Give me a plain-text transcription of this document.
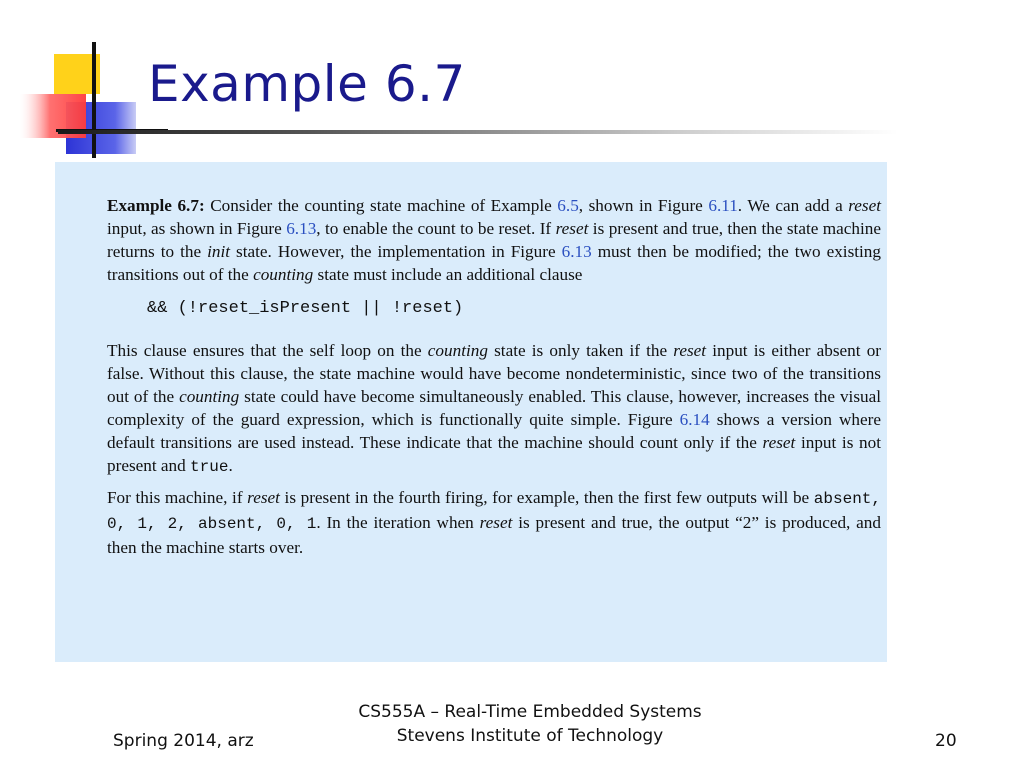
Example 6.7

Example 6.7: Consider the counting state machine of Example 6.5, shown in Figure 6.11. We can add a reset input, as shown in Figure 6.13, to enable the count to be reset. If reset is present and true, then the state machine returns to the init state. However, the implementation in Figure 6.13 must then be modified; the two existing transitions out of the counting state must include an additional clause

&& (!reset_isPresent || !reset)

This clause ensures that the self loop on the counting state is only taken if the reset input is either absent or false. Without this clause, the state machine would have become nondeterministic, since two of the transitions out of the counting state could have become simultaneously enabled. This clause, however, increases the visual complexity of the guard expression, which is functionally quite simple. Figure 6.14 shows a version where default transitions are used instead. These indicate that the machine should count only if the reset input is not present and true.

For this machine, if reset is present in the fourth firing, for example, then the first few outputs will be absent, 0, 1, 2, absent, 0, 1. In the iteration when reset is present and true, the output “2” is produced, and then the machine starts over.

Spring 2014, arz
CS555A – Real-Time Embedded Systems
Stevens Institute of Technology	20
